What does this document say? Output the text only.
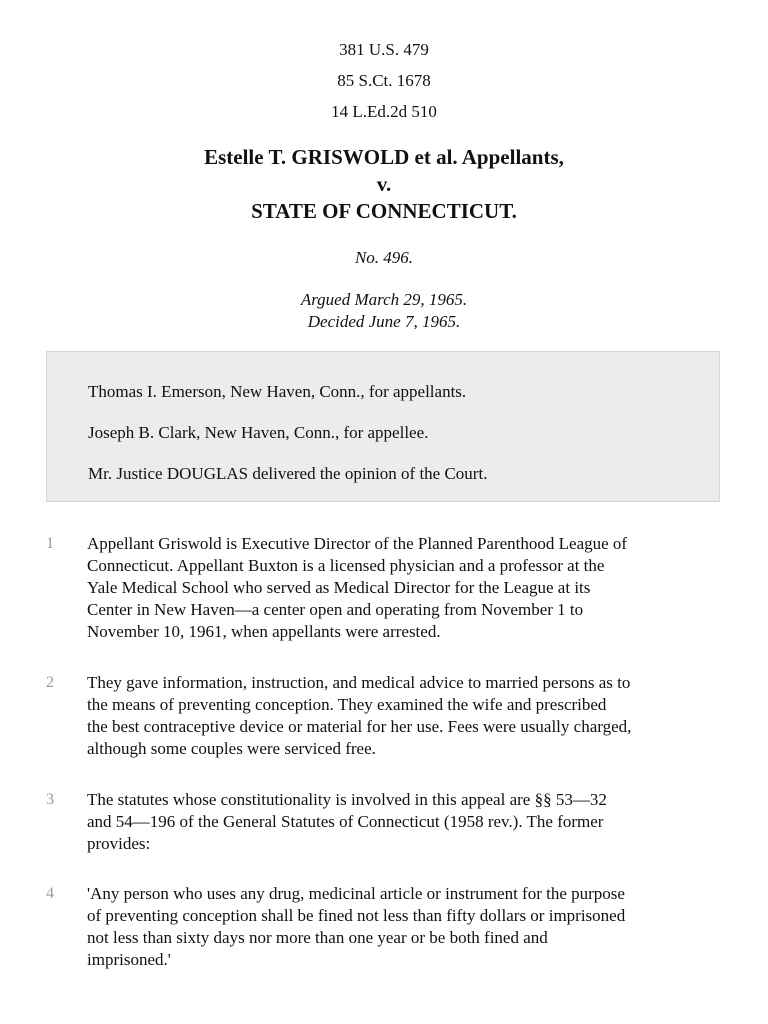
381 U.S. 479
85 S.Ct. 1678
14 L.Ed.2d 510
Estelle T. GRISWOLD et al. Appellants,
v.
STATE OF CONNECTICUT.
No. 496.
Argued March 29, 1965.
Decided June 7, 1965.
Thomas I. Emerson, New Haven, Conn., for appellants.
Joseph B. Clark, New Haven, Conn., for appellee.
Mr. Justice DOUGLAS delivered the opinion of the Court.
1 Appellant Griswold is Executive Director of the Planned Parenthood League of
Connecticut. Appellant Buxton is a licensed physician and a professor at the
Yale Medical School who served as Medical Director for the League at its
Center in New Haven—a center open and operating from November 1 to
November 10, 1961, when appellants were arrested.
2 They gave information, instruction, and medical advice to married persons as to
the means of preventing conception. They examined the wife and prescribed
the best contraceptive device or material for her use. Fees were usually charged,
although some couples were serviced free.
3 The statutes whose constitutionality is involved in this appeal are §§ 53—32
and 54—196 of the General Statutes of Connecticut (1958 rev.). The former
provides:
4 'Any person who uses any drug, medicinal article or instrument for the purpose
of preventing conception shall be fined not less than fifty dollars or imprisoned
not less than sixty days nor more than one year or be both fined and
imprisoned.'
